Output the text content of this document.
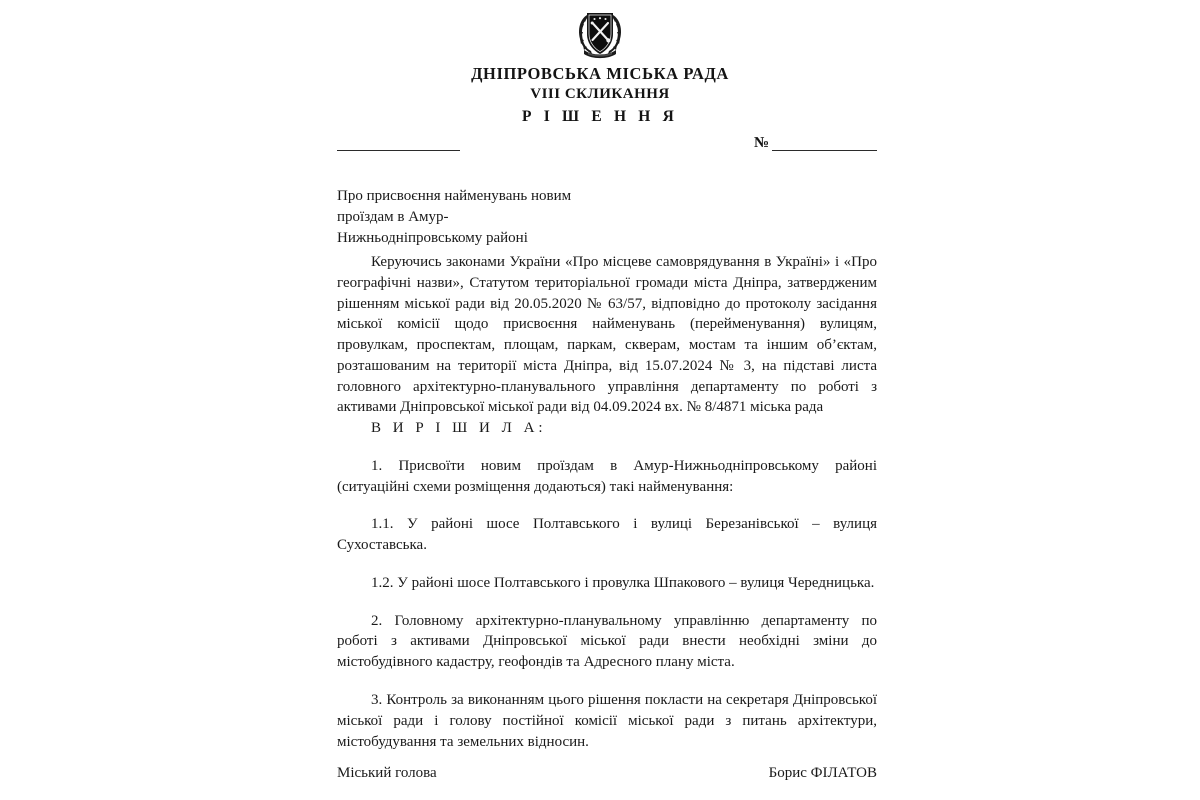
ДНІПРОВСЬКА МІСЬКА РАДА
VIII СКЛИКАННЯ
Р І Ш Е Н Н Я
№
Про присвоєння найменувань новим проїздам в Амур-Нижньодніпровському районі

Керуючись законами України «Про місцеве самоврядування в Україні» і «Про географічні назви», Статутом територіальної громади міста Дніпра, затвердженим рішенням міської ради від 20.05.2020 № 63/57, відповідно до протоколу засідання міської комісії щодо присвоєння найменувань (перейменування) вулицям, провулкам, проспектам, площам, паркам, скверам, мостам та іншим об’єктам, розташованим на території міста Дніпра, від 15.07.2024 № 3, на підставі листа головного архітектурно-планувального управління департаменту по роботі з активами Дніпровської міської ради від 04.09.2024 вх. № 8/4871 міська рада

В И Р І Ш И Л А:

1. Присвоїти новим проїздам в Амур-Нижньодніпровському районі (ситуаційні схеми розміщення додаються) такі найменування:

1.1. У районі шосе Полтавського і вулиці Березанівської – вулиця Сухоставська.

1.2. У районі шосе Полтавського і провулка Шпакового – вулиця Чередницька.

2. Головному архітектурно-планувальному управлінню департаменту по роботі з активами Дніпровської міської ради внести необхідні зміни до містобудівного кадастру, геофондів та Адресного плану міста.

3. Контроль за виконанням цього рішення покласти на секретаря Дніпровської міської ради і голову постійної комісії міської ради з питань архітектури, містобудування та земельних відносин.

Міський голова	Борис ФІЛАТОВ
